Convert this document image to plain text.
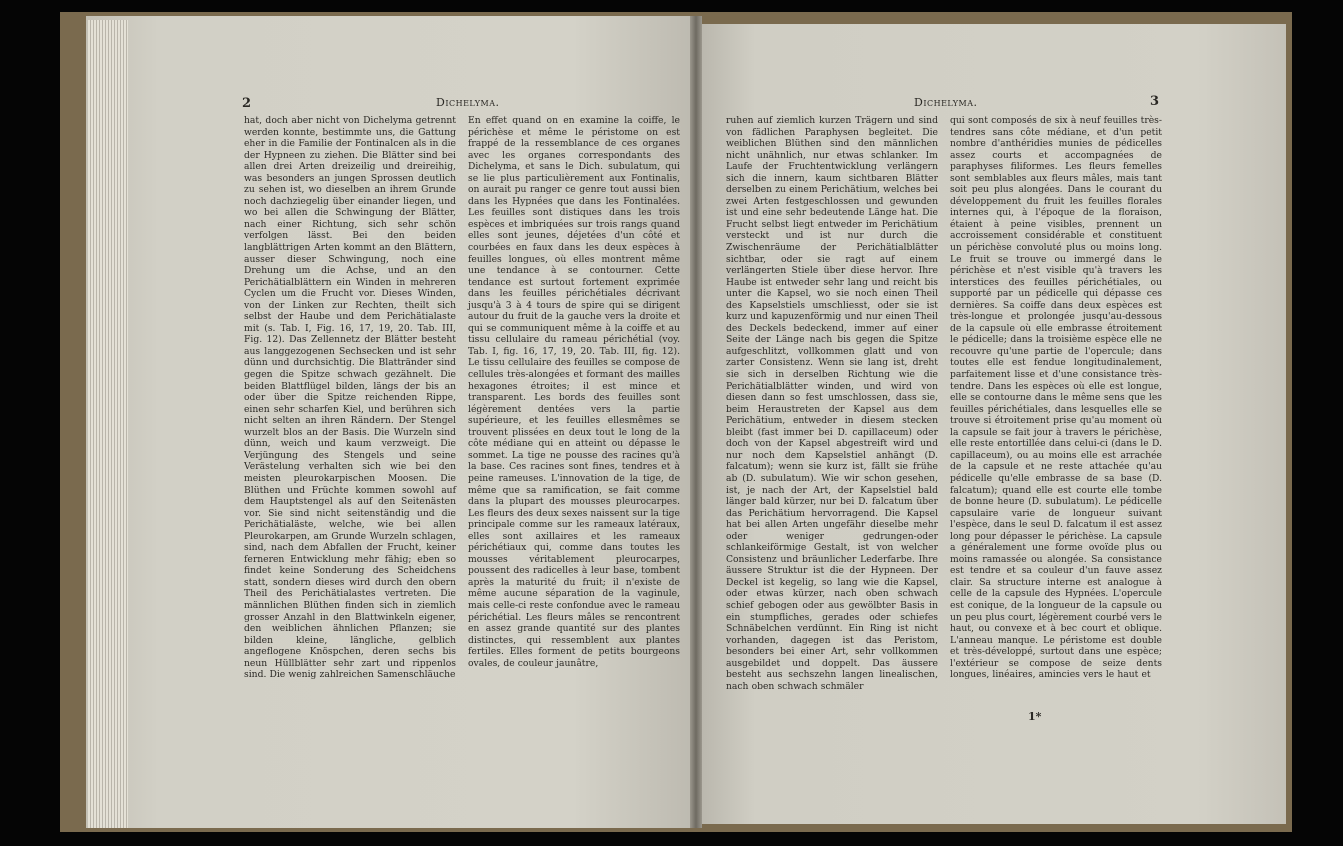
2	Dichelyma.
hat, doch aber nicht von Dichelyma getrennt werden konnte, bestimmte uns, die Gattung eher in die Familie der Fontinalcen als in die der Hypneen zu ziehen. Die Blätter sind bei allen drei Arten dreizeilig und dreireihig, was besonders an jungen Sprossen deutlich zu sehen ist, wo dieselben an ihrem Grunde noch dachziegelig über einander liegen, und wo bei allen die Schwingung der Blätter, nach einer Richtung, sich sehr schön verfolgen lässt. Bei den beiden langblättrigen Arten kommt an den Blättern, ausser dieser Schwingung, noch eine Drehung um die Achse, und an den Perichätialblättern ein Winden in mehreren Cyclen um die Frucht vor. Dieses Winden, von der Linken zur Rechten, theilt sich selbst der Haube und dem Perichätialaste mit (s. Tab. I, Fig. 16, 17, 19, 20. Tab. III, Fig. 12). Das Zellennetz der Blätter besteht aus langgezogenen Sechsecken und ist sehr dünn und durchsichtig. Die Blattränder sind gegen die Spitze schwach gezähnelt. Die beiden Blattflügel bilden, längs der bis an oder über die Spitze reichenden Rippe, einen sehr scharfen Kiel, und berühren sich nicht selten an ihren Rändern. Der Stengel wurzelt blos an der Basis. Die Wurzeln sind dünn, weich und kaum verzweigt. Die Verjüngung des Stengels und seine Verästelung verhalten sich wie bei den meisten pleurokarpischen Moosen. Die Blüthen und Früchte kommen sowohl auf dem Hauptstengel als auf den Seitenästen vor. Sie sind nicht seitenständig und die Perichätialäste, welche, wie bei allen Pleurokarpen, am Grunde Wurzeln schlagen, sind, nach dem Abfallen der Frucht, keiner ferneren Entwicklung mehr fähig; eben so findet keine Sonderung des Scheidchens statt, sondern dieses wird durch den obern Theil des Perichätialastes vertreten. Die männlichen Blüthen finden sich in ziemlich grosser Anzahl in den Blattwinkeln eigener, den weiblichen ähnlichen Pflanzen; sie bilden kleine, längliche, gelblich angeflogene Knöspchen, deren sechs bis neun Hüllblätter sehr zart und rippenlos sind. Die wenig zahlreichen Samenschläuche
En effet quand on en examine la coiffe, le périchèse et même le péristome on est frappé de la ressemblance de ces organes avec les organes correspondants des Dichelyma, et sans le Dich. subulatum, qui se lie plus particulièrement aux Fontinalis, on aurait pu ranger ce genre tout aussi bien dans les Hypnées que dans les Fontinalées. Les feuilles sont distiques dans les trois espèces et imbriquées sur trois rangs quand elles sont jeunes, déjetées d'un côté et courbées en faux dans les deux espèces à feuilles longues, où elles montrent même une tendance à se contourner. Cette tendance est surtout fortement exprimée dans les feuilles périchétiales décrivant jusqu'à 3 à 4 tours de spire qui se dirigent autour du fruit de la gauche vers la droite et qui se communiquent même à la coiffe et au tissu cellulaire du rameau périchétial (voy. Tab. I, fig. 16, 17, 19, 20. Tab. III, fig. 12). Le tissu cellulaire des feuilles se compose de cellules très-alongées et formant des mailles hexagones étroites; il est mince et transparent. Les bords des feuilles sont légèrement dentées vers la partie supérieure, et les feuilles ellesmêmes se trouvent plissées en deux tout le long de la côte médiane qui en atteint ou dépasse le sommet. La tige ne pousse des racines qu'à la base. Ces racines sont fines, tendres et à peine rameuses. L'innovation de la tige, de même que sa ramification, se fait comme dans la plupart des mousses pleurocarpes. Les fleurs des deux sexes naissent sur la tige principale comme sur les rameaux latéraux, elles sont axillaires et les rameaux périchétiaux qui, comme dans toutes les mousses véritablement pleurocarpes, poussent des radicelles à leur base, tombent après la maturité du fruit; il n'existe de même aucune séparation de la vaginule, mais celle-ci reste confondue avec le rameau périchétial. Les fleurs mâles se rencontrent en assez grande quantité sur des plantes distinctes, qui ressemblent aux plantes fertiles. Elles forment de petits bourgeons ovales, de couleur jaunâtre,
Dichelyma.	3
ruhen auf ziemlich kurzen Trägern und sind von fädlichen Paraphysen begleitet. Die weiblichen Blüthen sind den männlichen nicht unähnlich, nur etwas schlanker. Im Laufe der Fruchtentwicklung verlängern sich die innern, kaum sichtbaren Blätter derselben zu einem Perichätium, welches bei zwei Arten festgeschlossen und gewunden ist und eine sehr bedeutende Länge hat. Die Frucht selbst liegt entweder im Perichätium versteckt und ist nur durch die Zwischenräume der Perichätialblätter sichtbar, oder sie ragt auf einem verlängerten Stiele über diese hervor. Ihre Haube ist entweder sehr lang und reicht bis unter die Kapsel, wo sie noch einen Theil des Kapselstiels umschliesst, oder sie ist kurz und kapuzenförmig und nur einen Theil des Deckels bedeckend, immer auf einer Seite der Länge nach bis gegen die Spitze aufgeschlitzt, vollkommen glatt und von zarter Consistenz. Wenn sie lang ist, dreht sie sich in derselben Richtung wie die Perichätialblätter winden, und wird von diesen dann so fest umschlossen, dass sie, beim Heraustreten der Kapsel aus dem Perichätium, entweder in diesem stecken bleibt (fast immer bei D. capillaceum) oder doch von der Kapsel abgestreift wird und nur noch dem Kapselstiel anhängt (D. falcatum); wenn sie kurz ist, fällt sie frühe ab (D. subulatum). Wie wir schon gesehen, ist, je nach der Art, der Kapselstiel bald länger bald kürzer, nur bei D. falcatum über das Perichätium hervorragend. Die Kapsel hat bei allen Arten ungefähr dieselbe mehr oder weniger gedrungen-oder schlankeiförmige Gestalt, ist von welcher Consistenz und bräunlicher Lederfarbe. Ihre äussere Struktur ist die der Hypneen. Der Deckel ist kegelig, so lang wie die Kapsel, oder etwas kürzer, nach oben schwach schief gebogen oder aus gewölbter Basis in ein stumpfliches, gerades oder schiefes Schnäbelchen verdünnt. Ein Ring ist nicht vorhanden, dagegen ist das Peristom, besonders bei einer Art, sehr vollkommen ausgebildet und doppelt. Das äussere besteht aus sechszehn langen linealischen, nach oben schwach schmäler
qui sont composés de six à neuf feuilles très-tendres sans côte médiane, et d'un petit nombre d'anthéridies munies de pédicelles assez courts et accompagnées de paraphyses filiformes. Les fleurs femelles sont semblables aux fleurs mâles, mais tant soit peu plus alongées. Dans le courant du développement du fruit les feuilles florales internes qui, à l'époque de la floraison, étaient à peine visibles, prennent un accroissement considérable et constituent un périchèse convoluté plus ou moins long. Le fruit se trouve ou immergé dans le périchèse et n'est visible qu'à travers les interstices des feuilles périchétiales, ou supporté par un pédicelle qui dépasse ces dernières. Sa coiffe dans deux espèces est très-longue et prolongée jusqu'au-dessous de la capsule où elle embrasse étroitement le pédicelle; dans la troisième espèce elle ne recouvre qu'une partie de l'opercule; dans toutes elle est fendue longitudinalement, parfaitement lisse et d'une consistance très-tendre. Dans les espèces où elle est longue, elle se contourne dans le même sens que les feuilles périchétiales, dans lesquelles elle se trouve si étroitement prise qu'au moment où la capsule se fait jour à travers le périchèse, elle reste entortillée dans celui-ci (dans le D. capillaceum), ou au moins elle est arrachée de la capsule et ne reste attachée qu'au pédicelle qu'elle embrasse de sa base (D. falcatum); quand elle est courte elle tombe de bonne heure (D. subulatum). Le pédicelle capsulaire varie de longueur suivant l'espèce, dans le seul D. falcatum il est assez long pour dépasser le périchèse. La capsule a généralement une forme ovoïde plus ou moins ramassée ou alongée. Sa consistance est tendre et sa couleur d'un fauve assez clair. Sa structure interne est analogue à celle de la capsule des Hypnées. L'opercule est conique, de la longueur de la capsule ou un peu plus court, légèrement courbé vers le haut, ou convexe et à bec court et oblique. L'anneau manque. Le péristome est double et très-développé, surtout dans une espèce; l'extérieur se compose de seize dents longues, linéaires, amincies vers le haut et
1*
